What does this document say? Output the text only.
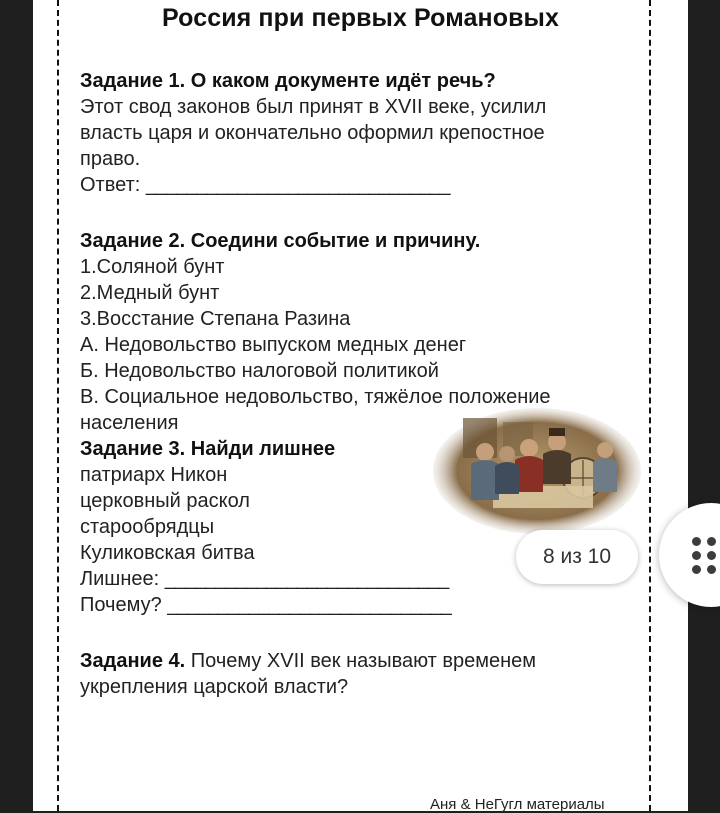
Россия при первых Романовых
Задание 1. О каком документе идёт речь?
Этот свод законов был принят в XVII веке, усилил
власть царя и окончательно оформил крепостное
право.
Ответ: ______________________________
Задание 2. Соедини событие и причину.
1.Соляной бунт
2.Медный бунт
3.Восстание Степана Разина
А. Недовольство выпуском медных денег
Б. Недовольство налоговой политикой
В. Социальное недовольство, тяжёлое положение
населения
Задание 3. Найди лишнее
патриарх Никон
церковный раскол
старообрядцы
Куликовская битва
Лишнее: ____________________________
Почему? ____________________________
Задание 4. Почему XVII век называют временем
укрепления царской власти?
8 из 10
Аня & НеГугл материалы
